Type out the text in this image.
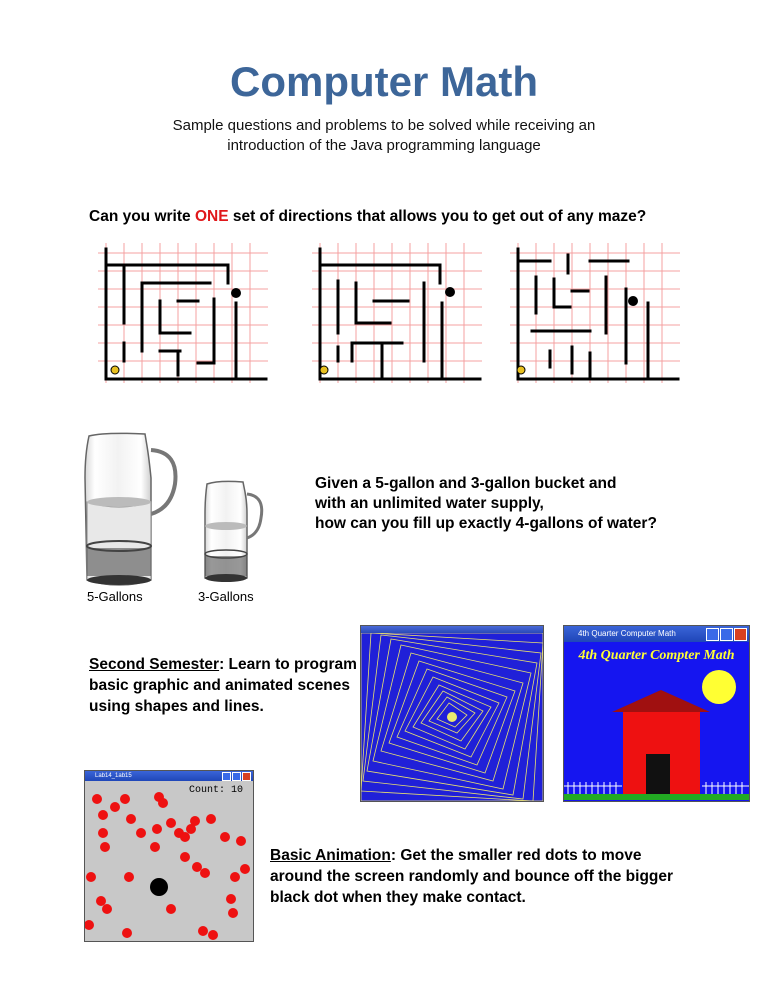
Computer Math
Sample questions and problems to be solved while receiving an
introduction of the Java programming language
Can you write ONE set of directions that allows you to get out of any maze?
5-Gallons	3-Gallons
Given a 5-gallon and 3-gallon bucket and
with an unlimited water supply,
how can you fill up exactly 4-gallons of water?
Second Semester: Learn to program
basic graphic and animated scenes
using shapes and lines.
4th Quarter Computer Math
4th Quarter Compter Math
Lab14_1ab15
Count: 10
Basic Animation: Get the smaller red dots to move
around the screen randomly and bounce off the bigger
black dot when they make contact.
